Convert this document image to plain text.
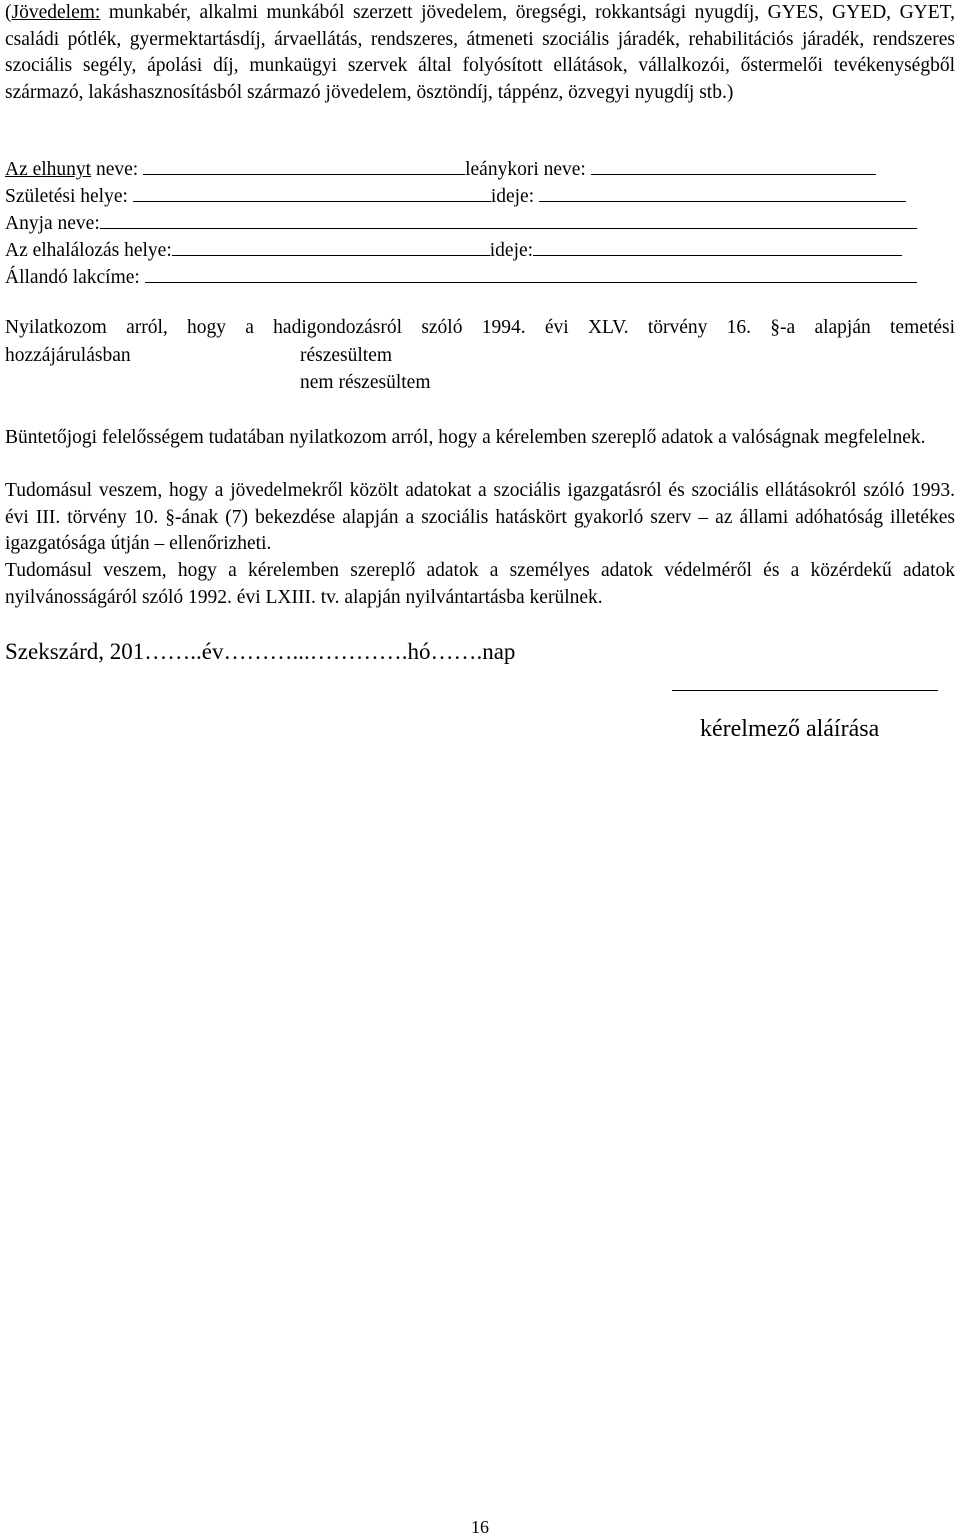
(Jövedelem: munkabér, alkalmi munkából szerzett jövedelem, öregségi, rokkantsági nyugdíj, GYES, GYED, GYET, családi pótlék, gyermektartásdíj, árvaellátás, rendszeres, átmeneti szociális járadék, rehabilitációs járadék, rendszeres szociális segély, ápolási díj, munkaügyi szervek által folyósított ellátások, vállalkozói, őstermelői tevékenységből származó, lakáshasznosításból származó jövedelem, ösztöndíj, táppénz, özvegyi nyugdíj stb.)
Az elhunyt neve:	leánykori neve:
Születési helye:	ideje:
Anyja neve:
Az elhalálozás helye:	ideje:
Állandó lakcíme:
Nyilatkozom arról, hogy a hadigondozásról szóló 1994. évi XLV. törvény 16. §-a alapján temetési
hozzájárulásban	részesültem
nem részesültem
Büntetőjogi felelősségem tudatában nyilatkozom arról, hogy a kérelemben szereplő adatok a valóságnak megfelelnek.
Tudomásul veszem, hogy a jövedelmekről közölt adatokat a szociális igazgatásról és szociális ellátásokról szóló 1993. évi III. törvény 10. §-ának (7) bekezdése alapján a szociális hatáskört gyakorló szerv – az állami adóhatóság illetékes igazgatósága útján – ellenőrizheti.
Tudomásul veszem, hogy a kérelemben szereplő adatok a személyes adatok védelméről és a közérdekű adatok nyilvánosságáról szóló 1992. évi LXIII. tv. alapján nyilvántartásba kerülnek.
Szekszárd, 201……..év………...………….hó…….nap
kérelmező aláírása
16
